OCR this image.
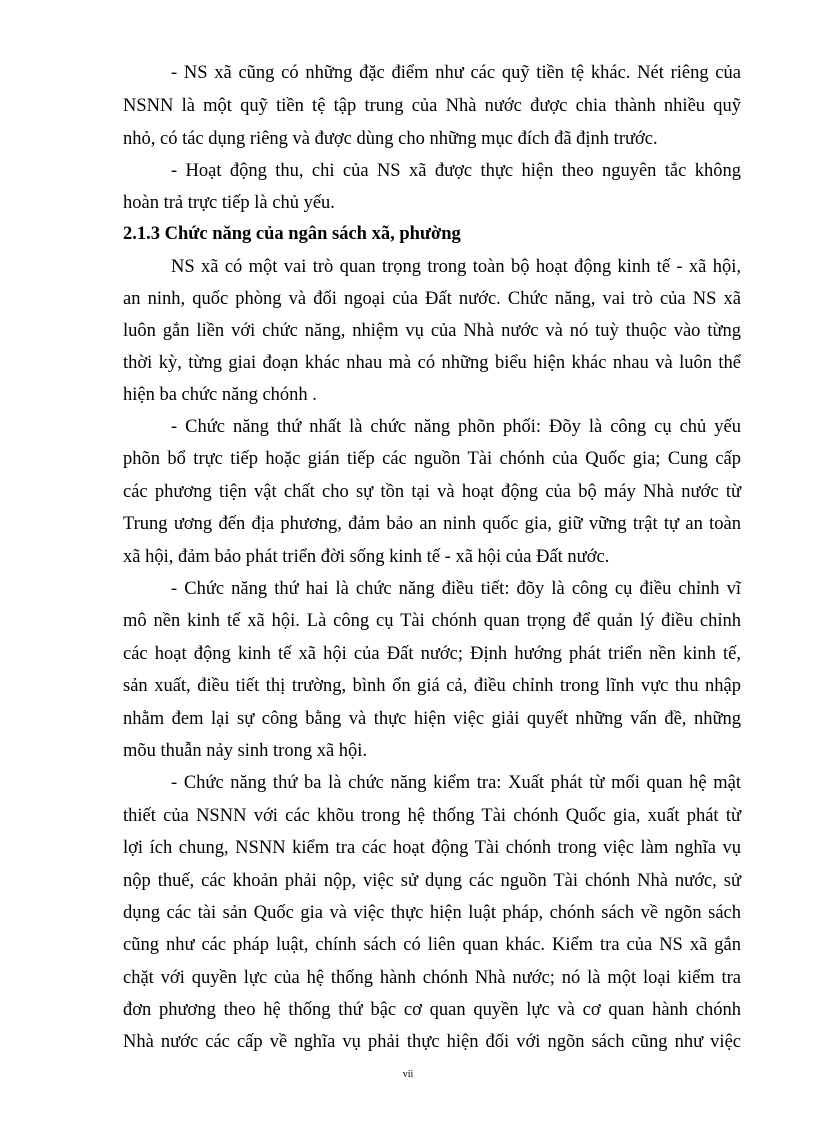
- NS xã cũng có những đặc điểm như các quỹ tiền tệ khác. Nét riêng của
NSNN là một quỹ tiền tệ tập trung của Nhà nước được chia thành nhiều quỹ
nhỏ, có tác dụng riêng và được dùng cho những mục đích đã định trước.
- Hoạt động thu, chi của NS xã được thực hiện theo nguyên tắc không
hoàn trả trực tiếp là chủ yếu.
2.1.3 Chức năng của ngân sách xã, phường
NS xã có một vai trò quan trọng trong toàn bộ hoạt động kinh tế - xã hội,
an ninh, quốc phòng và đối ngoại của Đất nước. Chức năng, vai trò của NS xã
luôn gắn liền với chức năng, nhiệm vụ của Nhà nước và nó tuỳ thuộc vào từng
thời kỳ, từng giai đoạn khác nhau mà có những biểu hiện khác nhau và luôn thể
hiện ba chức năng chónh .
- Chức năng thứ nhất là chức năng phõn phối: Đõy là công cụ chủ yếu
phõn bổ trực tiếp hoặc gián tiếp các nguồn Tài chónh của Quốc gia; Cung cấp
các phương tiện vật chất cho sự tồn tại và hoạt động của bộ máy Nhà nước từ
Trung ương đến địa phương, đảm bảo an ninh quốc gia, giữ vững trật tự an toàn
xã hội, đảm bảo phát triển đời sống kinh tế - xã hội của Đất nước.
- Chức năng thứ hai là chức năng điều tiết: đõy là công cụ điều chỉnh vĩ
mô nền kinh tế xã hội. Là công cụ Tài chónh quan trọng để quản lý điều chỉnh
các hoạt động kinh tế xã hội của Đất nước; Định hướng phát triển nền kinh tế,
sản xuất, điều tiết thị trường, bình ổn giá cả, điều chỉnh trong lĩnh vực thu nhập
nhằm đem lại sự công bằng và thực hiện việc giải quyết những vấn đề, những
mõu thuẫn nảy sinh trong xã hội.
- Chức năng thứ ba là chức năng kiểm tra: Xuất phát từ mối quan hệ mật
thiết của NSNN với các khõu trong hệ thống Tài chónh Quốc gia, xuất phát từ
lợi ích chung, NSNN kiểm tra các hoạt động Tài chónh trong việc làm nghĩa vụ
nộp thuế, các khoản phải nộp, việc sử dụng các nguồn Tài chónh Nhà nước, sử
dụng các tài sản Quốc gia và việc thực hiện luật pháp, chónh sách về ngõn sách
cũng như các pháp luật, chính sách có liên quan khác. Kiểm tra của NS xã gắn
chặt với quyền lực của hệ thống hành chónh Nhà nước; nó là một loại kiểm tra
đơn phương theo hệ thống thứ bậc cơ quan quyền lực và cơ quan hành chónh
Nhà nước các cấp về nghĩa vụ phải thực hiện đối với ngõn sách cũng như việc
vii
